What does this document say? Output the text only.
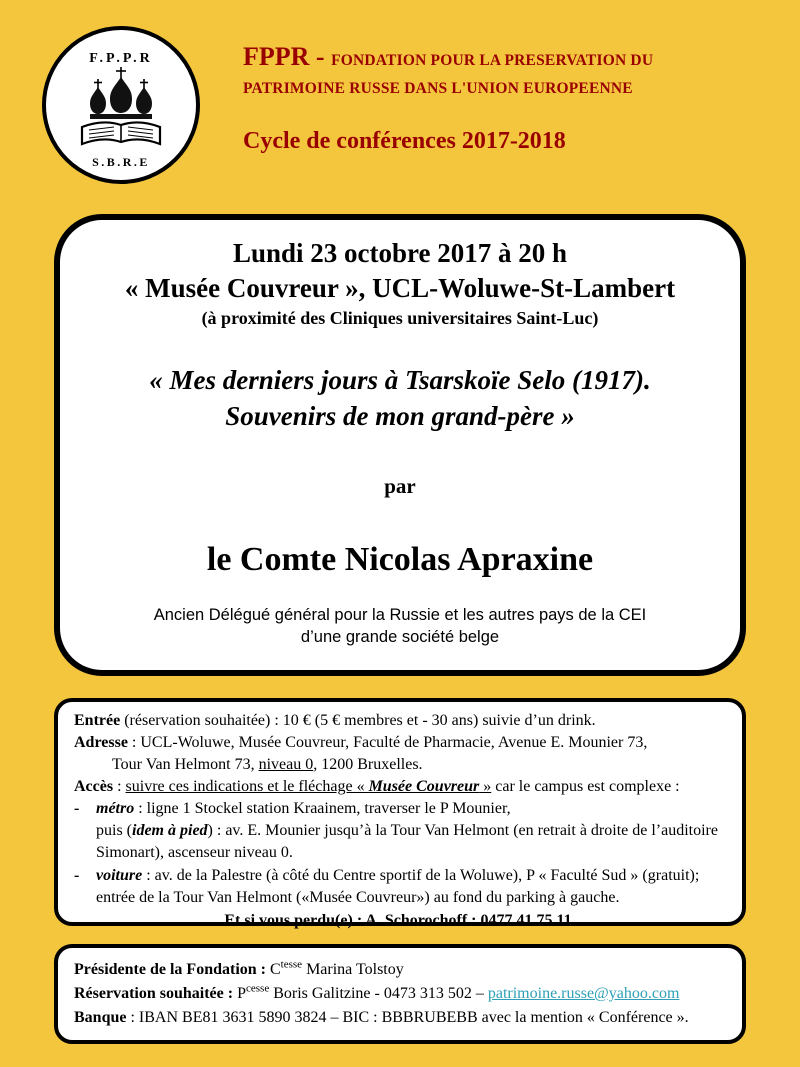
F.P.P.R
S.B.R.E
FPPR - FONDATION POUR LA PRESERVATION DU
PATRIMOINE RUSSE DANS L'UNION EUROPEENNE
Cycle de conférences 2017-2018
Lundi 23 octobre 2017 à 20 h
« Musée Couvreur », UCL-Woluwe-St-Lambert
(à proximité des Cliniques universitaires Saint-Luc)
« Mes derniers jours à Tsarskoïe Selo (1917).
Souvenirs de mon grand-père »
par
le Comte Nicolas Apraxine
Ancien Délégué général pour la Russie et les autres pays de la CEI
d’une grande société belge
Entrée (réservation souhaitée) : 10 € (5 € membres et - 30 ans) suivie d’un drink.
Adresse : UCL-Woluwe, Musée Couvreur, Faculté de Pharmacie, Avenue E. Mounier 73,
Tour Van Helmont 73, niveau 0, 1200 Bruxelles.
Accès : suivre ces indications et le fléchage « Musée Couvreur » car le campus est complexe :
-	métro : ligne 1 Stockel station Kraainem, traverser le P Mounier,
puis (idem à pied) : av. E. Mounier jusqu’à la Tour Van Helmont (en retrait à droite de l’auditoire Simonart), ascenseur niveau 0.
-	voiture : av. de la Palestre (à côté du Centre sportif de la Woluwe), P « Faculté Sud » (gratuit); entrée de la Tour Van Helmont («Musée Couvreur») au fond du parking à gauche.
Et si vous perdu(e) : A. Schorochoff : 0477 41 75 11.
Présidente de la Fondation : $C^{tesse}$ Marina Tolstoy
Réservation souhaitée : $P^{cesse}$ Boris Galitzine - 0473 313 502 – patrimoine.russe@yahoo.com
Banque : IBAN BE81 3631 5890 3824 – BIC : BBBRUBEBB avec la mention « Conférence ».
